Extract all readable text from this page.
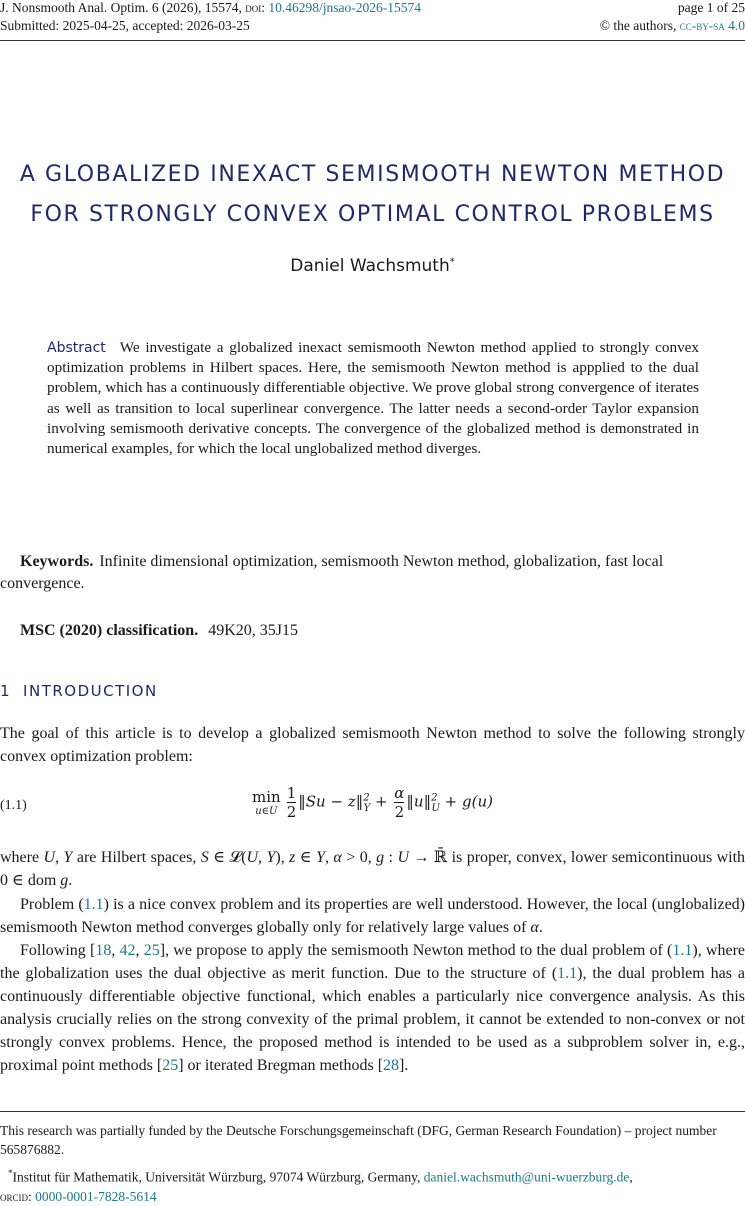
J. Nonsmooth Anal. Optim. 6 (2026), 15574, doi: 10.46298/jnsao-2026-15574	page 1 of 25
Submitted: 2025-04-25, accepted: 2026-03-25	© the authors, cc-by-sa 4.0
A GLOBALIZED INEXACT SEMISMOOTH NEWTON METHOD
FOR STRONGLY CONVEX OPTIMAL CONTROL PROBLEMS
Daniel Wachsmuth*
Abstract We investigate a globalized inexact semismooth Newton method applied to strongly convex optimization problems in Hilbert spaces. Here, the semismooth Newton method is appplied to the dual problem, which has a continuously differentiable objective. We prove global strong convergence of iterates as well as transition to local superlinear convergence. The latter needs a second-order Taylor expansion involving semismooth derivative concepts. The convergence of the globalized method is demonstrated in numerical examples, for which the local unglobalized method diverges.
Keywords. Infinite dimensional optimization, semismooth Newton method, globalization, fast local convergence.
MSC (2020) classification. 49K20, 35J15
1 INTRODUCTION
The goal of this article is to develop a globalized semismooth Newton method to solve the following strongly convex optimization problem:
(1.1)	min
u∈U $\frac{1}{2}$ ‖Su − z‖$^2_Y$ + $\frac{\alpha}{2}$ ‖u‖$^2_U$ + g(u)
where U, Y are Hilbert spaces, S ∈ 𝓛(U, Y), z ∈ Y, α > 0, g : U → ℝ̄ is proper, convex, lower semicontinuous with 0 ∈ dom g.
Problem (1.1) is a nice convex problem and its properties are well understood. However, the local (unglobalized) semismooth Newton method converges globally only for relatively large values of α.
Following [18, 42, 25], we propose to apply the semismooth Newton method to the dual problem of (1.1), where the globalization uses the dual objective as merit function. Due to the structure of (1.1), the dual problem has a continuously differentiable objective functional, which enables a particularly nice convergence analysis. As this analysis crucially relies on the strong convexity of the primal problem, it cannot be extended to non-convex or not strongly convex problems. Hence, the proposed method is intended to be used as a subproblem solver in, e.g., proximal point methods [25] or iterated Bregman methods [28].
This research was partially funded by the Deutsche Forschungsgemeinschaft (DFG, German Research Foundation) – project number 565876882.
*Institut für Mathematik, Universität Würzburg, 97074 Würzburg, Germany, daniel.wachsmuth@uni-wuerzburg.de,
orcid: 0000-0001-7828-5614
